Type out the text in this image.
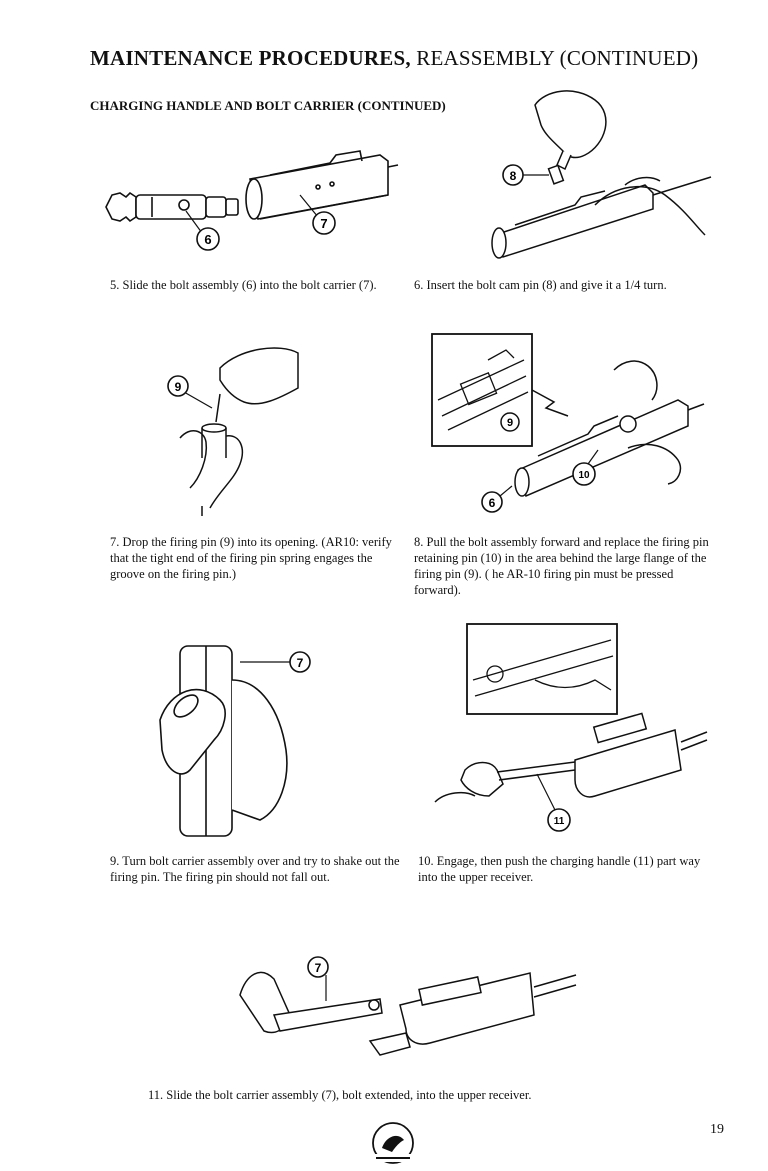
MAINTENANCE PROCEDURES, REASSEMBLY (CONTINUED)
CHARGING HANDLE AND BOLT CARRIER (CONTINUED)
6
7
8
5. Slide the bolt assembly (6) into the bolt carrier (7).	6. Insert the bolt cam pin (8) and give it a 1/4 turn.
9
9
6
10
7. Drop the firing pin (9) into its opening. (AR10: verify that the tight end of the firing pin spring engages the groove on the firing pin.)
8. Pull the bolt assembly forward and replace the firing pin retaining pin (10) in the area behind the large flange of the firing pin (9). ( he AR-10 firing pin must be pressed forward).
7
11
9. Turn bolt carrier assembly over and try to shake out the firing pin. The firing pin should not fall out.
10. Engage, then push the charging handle (11) part way into the upper receiver.
7
11. Slide the bolt carrier assembly (7), bolt extended, into the upper receiver.
19
